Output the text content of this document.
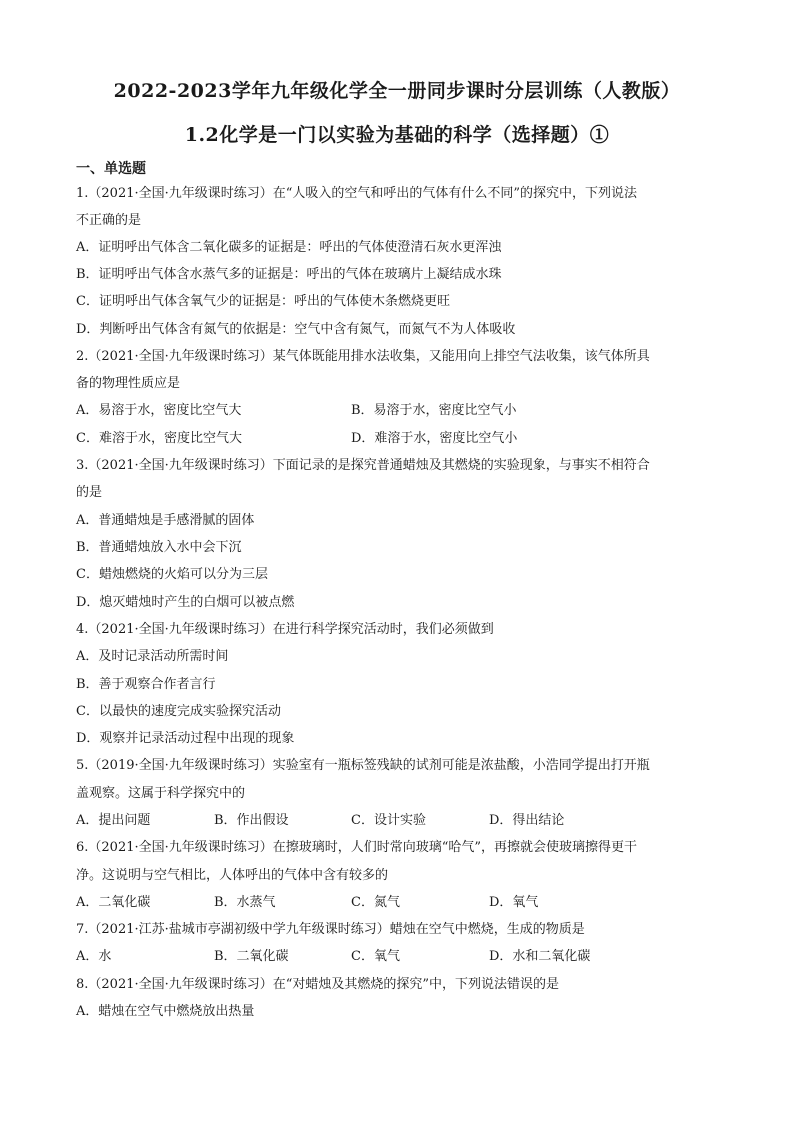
2022-2023学年九年级化学全一册同步课时分层训练（人教版）
1.2化学是一门以实验为基础的科学（选择题）①
一、单选题
1.（2021·全国·九年级课时练习）在“人吸入的空气和呼出的气体有什么不同”的探究中，下列说法
不正确的是
A．证明呼出气体含二氧化碳多的证据是：呼出的气体使澄清石灰水更浑浊
B．证明呼出气体含水蒸气多的证据是：呼出的气体在玻璃片上凝结成水珠
C．证明呼出气体含氧气少的证据是：呼出的气体使木条燃烧更旺
D．判断呼出气体含有氮气的依据是：空气中含有氮气，而氮气不为人体吸收
2.（2021·全国·九年级课时练习）某气体既能用排水法收集，又能用向上排空气法收集，该气体所具
备的物理性质应是
A．易溶于水，密度比空气大	B．易溶于水，密度比空气小
C．难溶于水，密度比空气大	D．难溶于水，密度比空气小
3.（2021·全国·九年级课时练习）下面记录的是探究普通蜡烛及其燃烧的实验现象，与事实不相符合
的是
A．普通蜡烛是手感滑腻的固体
B．普通蜡烛放入水中会下沉
C．蜡烛燃烧的火焰可以分为三层
D．熄灭蜡烛时产生的白烟可以被点燃
4.（2021·全国·九年级课时练习）在进行科学探究活动时，我们必须做到
A．及时记录活动所需时间
B．善于观察合作者言行
C．以最快的速度完成实验探究活动
D．观察并记录活动过程中出现的现象
5.（2019·全国·九年级课时练习）实验室有一瓶标签残缺的试剂可能是浓盐酸，小浩同学提出打开瓶
盖观察。这属于科学探究中的
A．提出问题	B．作出假设	C．设计实验	D．得出结论
6.（2021·全国·九年级课时练习）在擦玻璃时，人们时常向玻璃“哈气”，再擦就会使玻璃擦得更干
净。这说明与空气相比，人体呼出的气体中含有较多的
A．二氧化碳	B．水蒸气	C．氮气	D．氧气
7.（2021·江苏·盐城市亭湖初级中学九年级课时练习）蜡烛在空气中燃烧，生成的物质是
A．水	B．二氧化碳	C．氧气	D．水和二氧化碳
8.（2021·全国·九年级课时练习）在“对蜡烛及其燃烧的探究”中，下列说法错误的是
A．蜡烛在空气中燃烧放出热量
